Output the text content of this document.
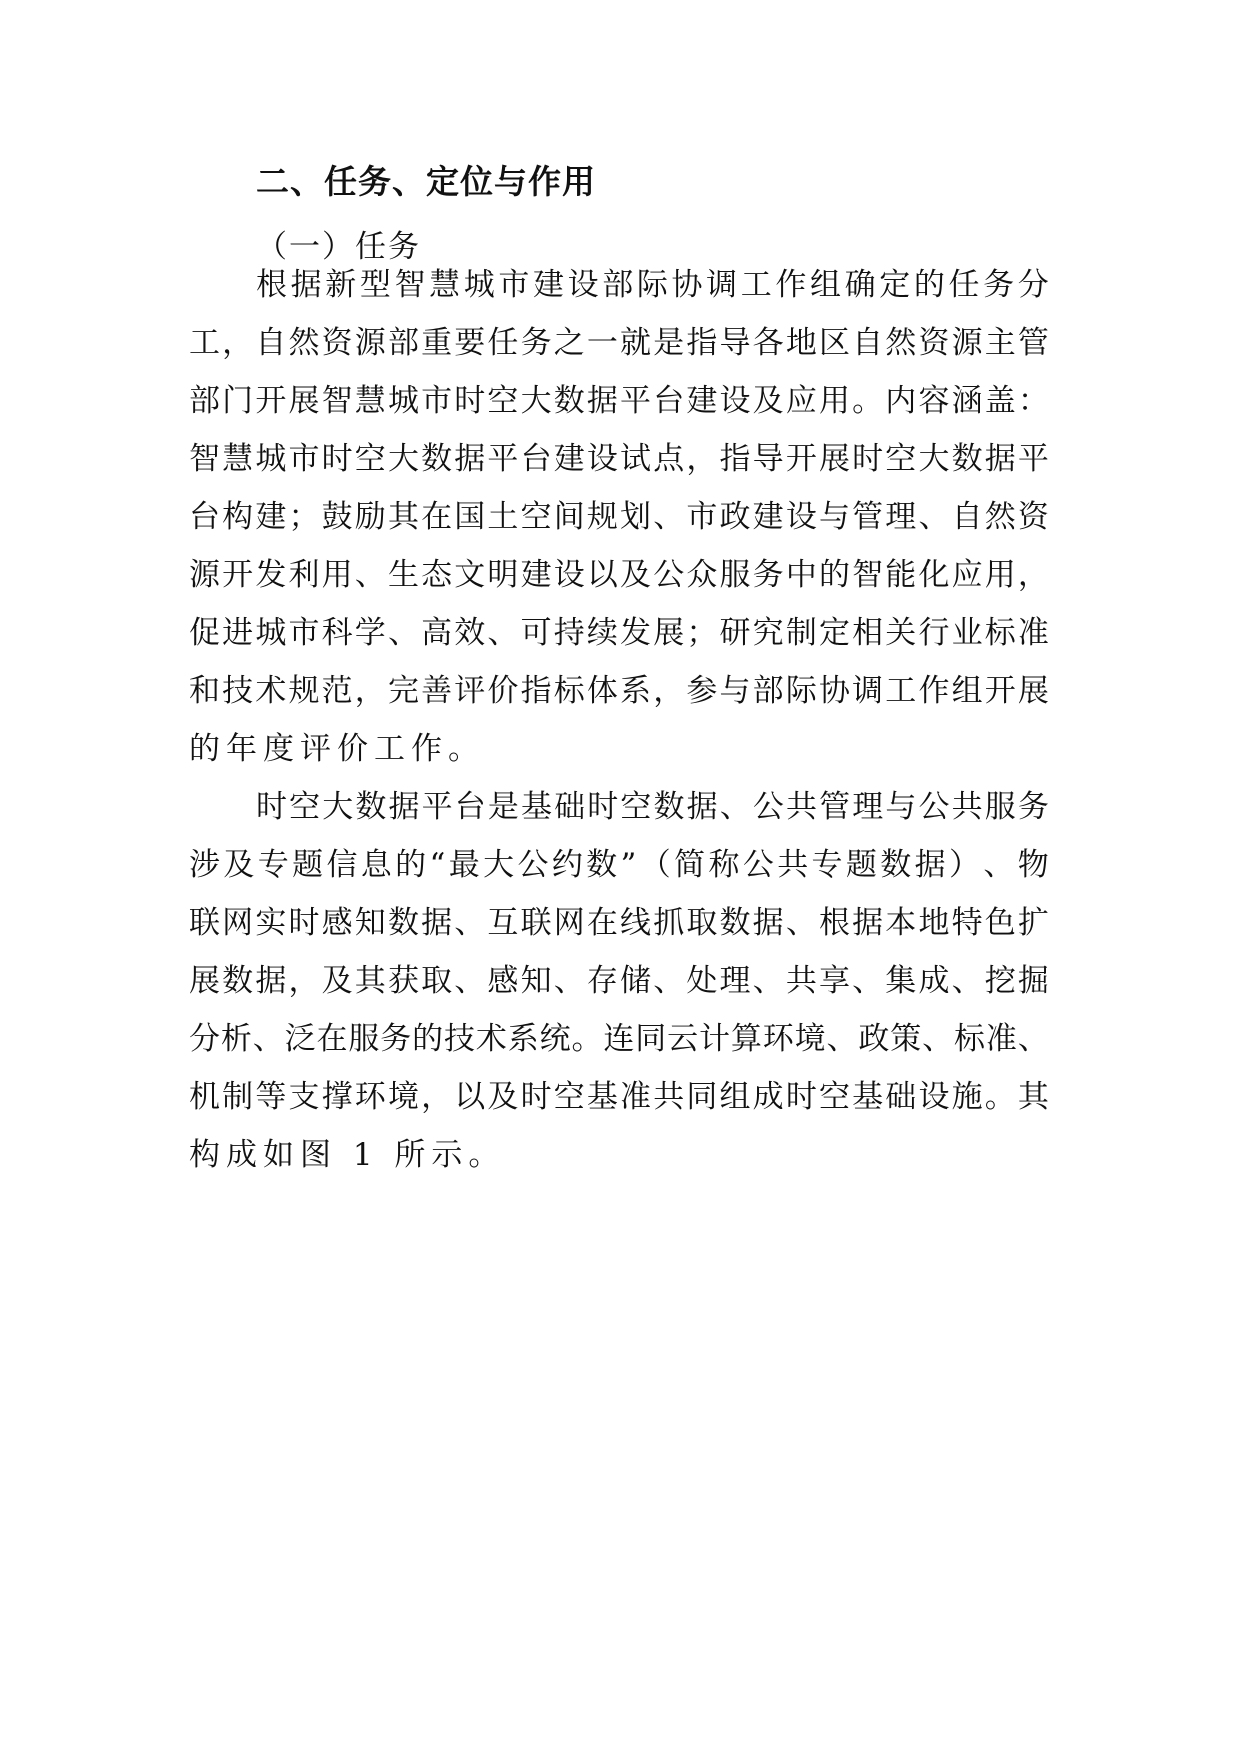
二、任务、定位与作用
（一）任务
根 据 新 型 智 慧 城 市 建 设 部 际 协 调 工 作 组 确 定 的 任 务 分
工 ， 自 然 资 源 部 重 要 任 务 之 一 就 是 指 导 各 地 区 自 然 资 源 主 管
部 门 开 展 智 慧 城 市 时 空 大 数 据 平 台 建 设 及 应 用 。 内 容 涵 盖 ：
智 慧 城 市 时 空 大 数 据 平 台 建 设 试 点 ， 指 导 开 展 时 空 大 数 据 平
台 构 建 ； 鼓 励 其 在 国 土 空 间 规 划 、 市 政 建 设 与 管 理 、 自 然 资
源 开 发 利 用 、 生 态 文 明 建 设 以 及 公 众 服 务 中 的 智 能 化 应 用 ，
促 进 城 市 科 学 、 高 效 、 可 持 续 发 展 ； 研 究 制 定 相 关 行 业 标 准
和 技 术 规 范 ， 完 善 评 价 指 标 体 系 ， 参 与 部 际 协 调 工 作 组 开 展
的年度评价工作。
时 空 大 数 据 平 台 是 基 础 时 空 数 据 、 公 共 管 理 与 公 共 服 务
涉 及 专 题 信 息 的 “ 最 大 公 约 数 ” （ 简 称 公 共 专 题 数 据 ） 、 物
联 网 实 时 感 知 数 据 、 互 联 网 在 线 抓 取 数 据 、 根 据 本 地 特 色 扩
展 数 据 ， 及 其 获 取 、 感 知 、 存 储 、 处 理 、 共 享 、 集 成 、 挖 掘
分 析 、 泛 在 服 务 的 技 术 系 统 。 连 同 云 计 算 环 境 、 政 策 、 标 准 、
机 制 等 支 撑 环 境 ， 以 及 时 空 基 准 共 同 组 成 时 空 基 础 设 施 。 其
构成如图 1 所示。
